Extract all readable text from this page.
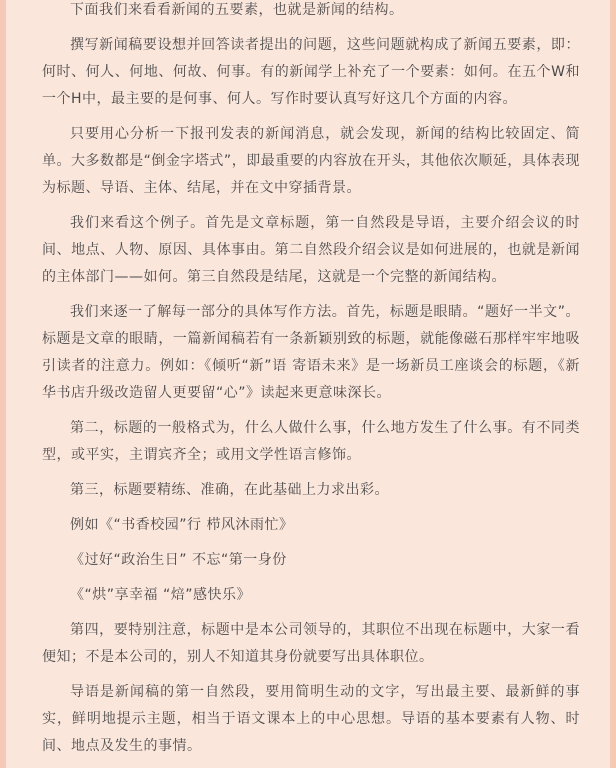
下面我们来看看新闻的五要素，也就是新闻的结构。

撰写新闻稿要设想并回答读者提出的问题，这些问题就构成了新闻五要素，即：何时、何人、何地、何故、何事。有的新闻学上补充了一个要素：如何。在五个W和一个H中，最主要的是何事、何人。写作时要认真写好这几个方面的内容。

只要用心分析一下报刊发表的新闻消息，就会发现，新闻的结构比较固定、简单。大多数都是“倒金字塔式”，即最重要的内容放在开头，其他依次顺延，具体表现为标题、导语、主体、结尾，并在文中穿插背景。

我们来看这个例子。首先是文章标题，第一自然段是导语，主要介绍会议的时间、地点、人物、原因、具体事由。第二自然段介绍会议是如何进展的，也就是新闻的主体部门——如何。第三自然段是结尾，这就是一个完整的新闻结构。

我们来逐一了解每一部分的具体写作方法。首先，标题是眼睛。“题好一半文”。标题是文章的眼睛，一篇新闻稿若有一条新颖别致的标题，就能像磁石那样牢牢地吸引读者的注意力。例如：《倾听“新”语 寄语未来》是一场新员工座谈会的标题，《新华书店升级改造留人更要留“心”》读起来更意味深长。

第二，标题的一般格式为，什么人做什么事，什么地方发生了什么事。有不同类型，或平实，主谓宾齐全；或用文学性语言修饰。

第三，标题要精练、准确，在此基础上力求出彩。

例如《“书香校园”行 栉风沐雨忙》

《过好“政治生日” 不忘“第一身份

《“烘”享幸福 “焙”感快乐》

第四，要特别注意，标题中是本公司领导的，其职位不出现在标题中，大家一看便知；不是本公司的，别人不知道其身份就要写出具体职位。

导语是新闻稿的第一自然段，要用简明生动的文字，写出最主要、最新鲜的事实，鲜明地提示主题，相当于语文课本上的中心思想。导语的基本要素有人物、时间、地点及发生的事情。
